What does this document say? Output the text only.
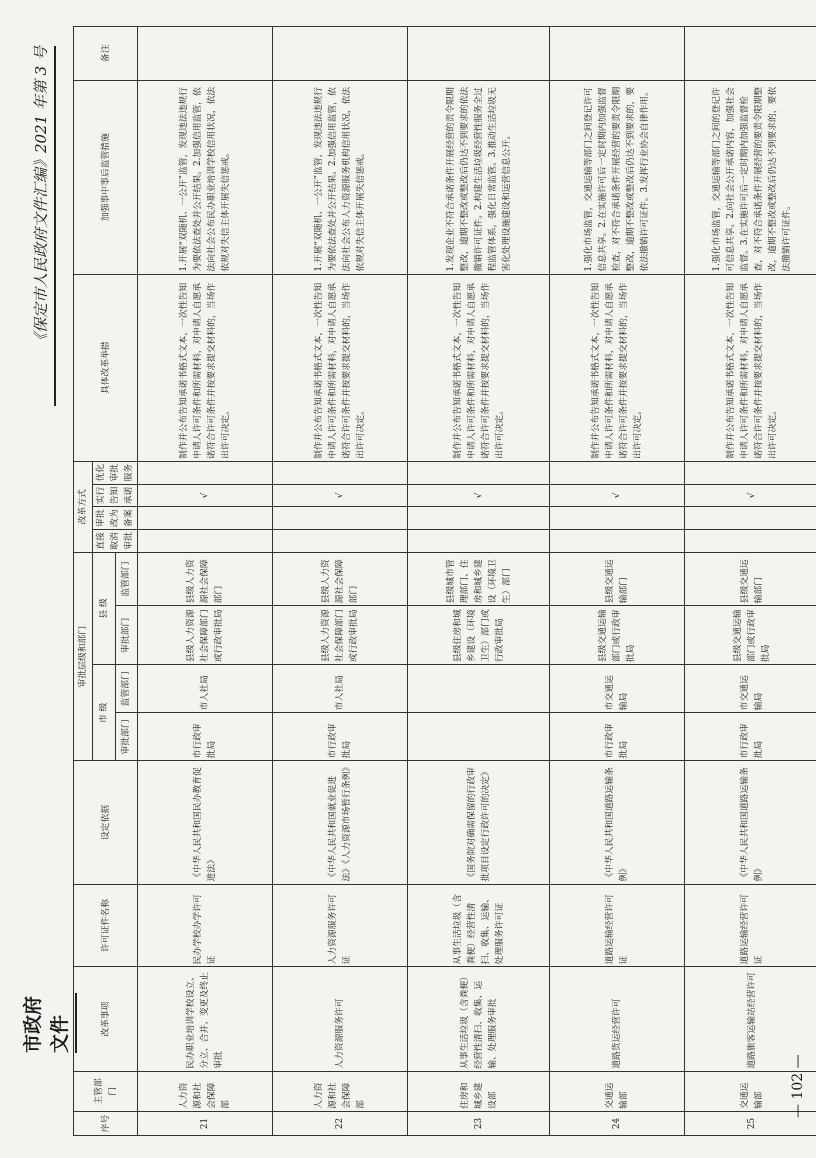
市政府文件
《保定市人民政府文件汇编》2021 年第 3 号
序号	主管部门	改革事项	许可证件名称	设定依据	审批层级和部门				改革方式				具体改革举措	加强事中事后监管措施	备注
					市 级		县 级		直接取消审批	审批改为备案	实行告知承诺	优化审批服务			
					审批部门	监管部门	审批部门	监管部门							
21	人力资源和社会保障部	民办职业培训学校设立、分立、合并、变更及终止审批	民办学校办学许可证	《中华人民共和国民办教育促进法》	市行政审批局	市人社局	县级人力资源社会保障部门或行政审批局	县级人力资源社会保障部门			√		制作并公布告知承诺书格式文本，一次性告知申请人许可条件和所需材料，对申请人自愿承诺符合许可条件并按要求提交材料的，当场作出许可决定。	1.开展“双随机、一公开”监管，发现违法违规行为要依法查处并公开结果。2.加强信用监管，依法向社会公布民办职业培训学校信用状况，依法依规对失信主体开展失信惩戒。	
22	人力资源和社会保障部	人力资源服务许可	人力资源服务许可证	《中华人民共和国就业促进法》《人力资源市场暂行条例》	市行政审批局	市人社局	县级人力资源社会保障部门或行政审批局	县级人力资源社会保障部门			√		制作并公布告知承诺书格式文本，一次性告知申请人许可条件和所需材料，对申请人自愿承诺符合许可条件并按要求提交材料的，当场作出许可决定。	1.开展“双随机、一公开”监管，发现违法违规行为要依法查处并公开结果。2.加强信用监管，依法向社会公布人力资源服务机构信用状况，依法依规对失信主体开展失信惩戒。	
23	住房和城乡建设部	从事生活垃圾（含粪便）经营性清扫、收集、运输、处理服务审批	从事生活垃圾（含粪便）经营性清扫、收集、运输、处理服务许可证	《国务院对确需保留的行政审批项目设定行政许可的决定》			县级住房和城乡建设（环境卫生）部门或行政审批局	县级城市管理部门、住房和城乡建设（环境卫生）部门			√		制作并公布告知承诺书格式文本，一次性告知申请人许可条件和所需材料，对申请人自愿承诺符合许可条件并按要求提交材料的，当场作出许可决定。	1.发现企业不符合承诺条件开展经营的责令限期整改，逾期不整改或整改后仍达不到要求的依法撤销许可证件。2.构建生活垃圾经营性服务全过程监管体系，强化日常监管。3.推动生活垃圾无害化处理设施建设和运营信息公开。	
24	交通运输部	道路货运经营许可	道路运输经营许可证	《中华人民共和国道路运输条例》	市行政审批局	市交通运输局	县级交通运输部门或行政审批局	县级交通运输部门			√		制作并公布告知承诺书格式文本，一次性告知申请人许可条件和所需材料，对申请人自愿承诺符合许可条件并按要求提交材料的，当场作出许可决定。	1.强化市场监管，交通运输等部门之间登记许可信息共享。2.在实施许可后一定时期内加强监督检查，对不符合承诺条件开展经营的要责令限期整改，逾期不整改或整改后仍达不到要求的，要依法撤销许可证件。3.发挥行业协会自律作用。	
25	交通运输部	道路旅客运输站经营许可	道路运输经营许可证	《中华人民共和国道路运输条例》	市行政审批局	市交通运输局	县级交通运输部门或行政审批局	县级交通运输部门			√		制作并公布告知承诺书格式文本，一次性告知申请人许可条件和所需材料，对申请人自愿承诺符合许可条件并按要求提交材料的，当场作出许可决定。	1.强化市场监管，交通运输等部门之间的登记许可信息共享。2.向社会公开承诺内容，加强社会监督。3.在实施许可后一定时期内加强监督检查，对不符合承诺条件开展经营的要责令限期整改，逾期不整改或整改后仍达不到要求的，要依法撤销许可证件。	
— 102 —
